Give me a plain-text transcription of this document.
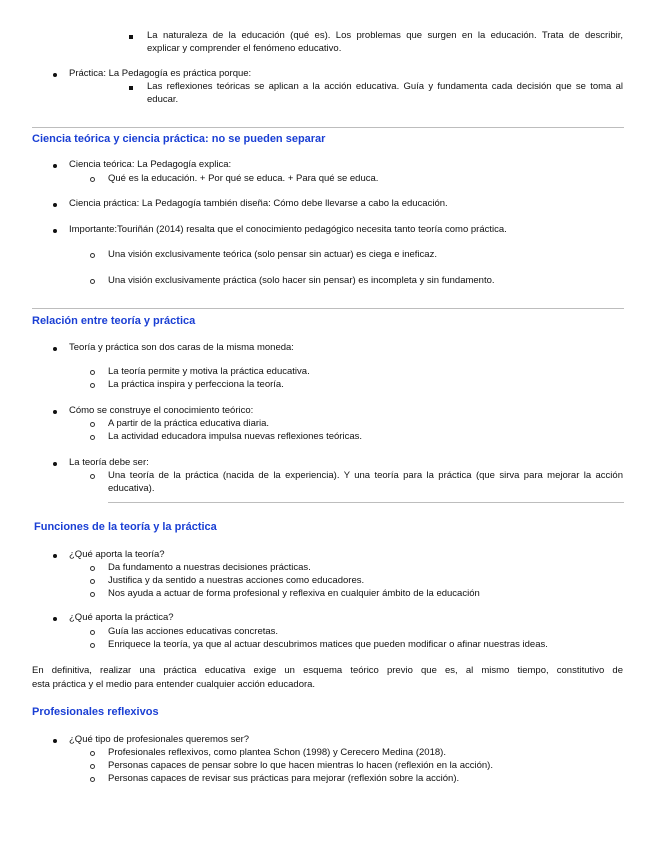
La naturaleza de la educación (qué es). Los problemas que surgen en la educación. Trata de describir,
explicar y comprender el fenómeno educativo.
Práctica: La Pedagogía es práctica porque:
Las reflexiones teóricas se aplican a la acción educativa. Guía y fundamenta cada decisión que se toma al
educar.
Ciencia teórica y ciencia práctica: no se pueden separar
Ciencia teórica: La Pedagogía explica:
Qué es la educación. + Por qué se educa. + Para qué se educa.
Ciencia práctica: La Pedagogía también diseña: Cómo debe llevarse a cabo la educación.
Importante:Touriñán (2014) resalta que el conocimiento pedagógico necesita tanto teoría como práctica.
Una visión exclusivamente teórica (solo pensar sin actuar) es ciega e ineficaz.
Una visión exclusivamente práctica (solo hacer sin pensar) es incompleta y sin fundamento.
Relación entre teoría y práctica
Teoría y práctica son dos caras de la misma moneda:
La teoría permite y motiva la práctica educativa.
La práctica inspira y perfecciona la teoría.
Cómo se construye el conocimiento teórico:
A partir de la práctica educativa diaria.
La actividad educadora impulsa nuevas reflexiones teóricas.
La teoría debe ser:
Una teoría de la práctica (nacida de la experiencia). Y una teoría para la práctica (que sirva para mejorar la acción
educativa).
Funciones de la teoría y la práctica
¿Qué aporta la teoría?
Da fundamento a nuestras decisiones prácticas.
Justifica y da sentido a nuestras acciones como educadores.
Nos ayuda a actuar de forma profesional y reflexiva en cualquier ámbito de la educación
¿Qué aporta la práctica?
Guía las acciones educativas concretas.
Enriquece la teoría, ya que al actuar descubrimos matices que pueden modificar o afinar nuestras ideas.
En definitiva, realizar una práctica educativa exige un esquema teórico previo que es, al mismo tiempo, constitutivo de
esta práctica y el medio para entender cualquier acción educadora.
Profesionales reflexivos
¿Qué tipo de profesionales queremos ser?
Profesionales reflexivos, como plantea Schon (1998) y Cerecero Medina (2018).
Personas capaces de pensar sobre lo que hacen mientras lo hacen (reflexión en la acción).
Personas capaces de revisar sus prácticas para mejorar (reflexión sobre la acción).
